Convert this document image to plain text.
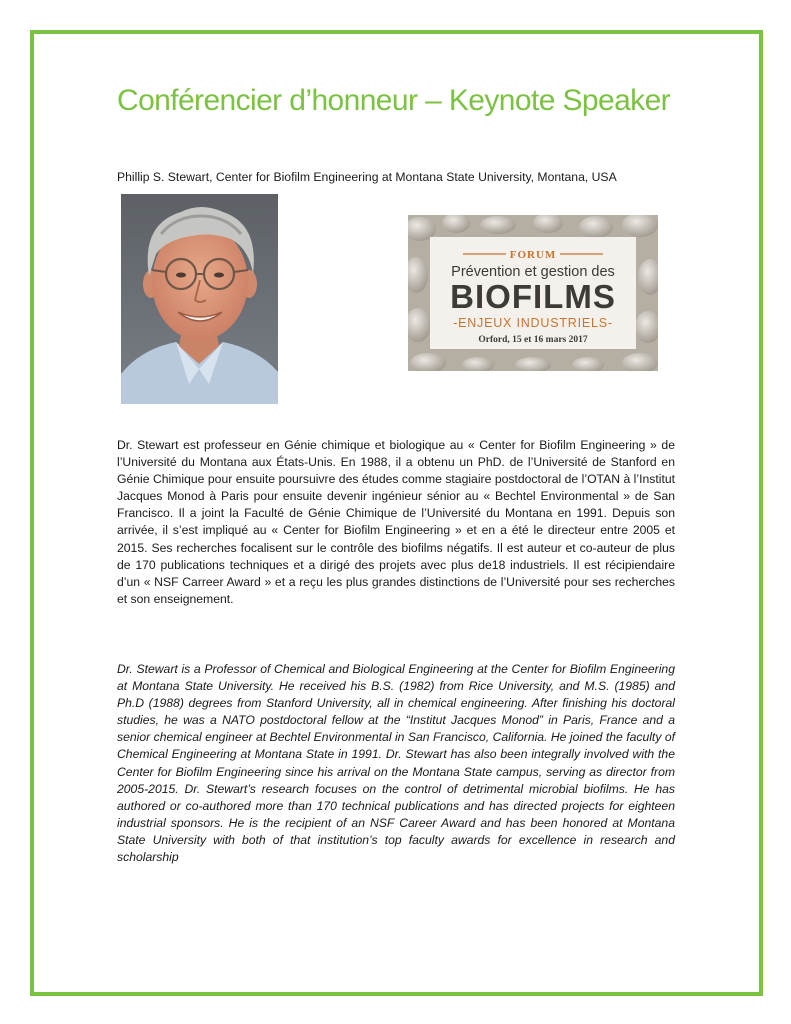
Conférencier d’honneur – Keynote Speaker
Phillip S. Stewart, Center for Biofilm Engineering at Montana State University, Montana, USA
FORUM
Prévention et gestion des
BIOFILMS
-ENJEUX INDUSTRIELS-
Orford, 15 et 16 mars 2017

Dr. Stewart est professeur en Génie chimique et biologique au « Center for Biofilm Engineering » de l’Université du Montana aux États-Unis. En 1988, il a obtenu un PhD. de l’Université de Stanford en Génie Chimique pour ensuite poursuivre des études comme stagiaire postdoctoral de l’OTAN à l’Institut Jacques Monod à Paris pour ensuite devenir ingénieur sénior au « Bechtel Environmental » de San Francisco. Il a joint la Faculté de Génie Chimique de l’Université du Montana en 1991. Depuis son arrivée, il s’est impliqué au « Center for Biofilm Engineering » et en a été le directeur entre 2005 et 2015. Ses recherches focalisent sur le contrôle des biofilms négatifs. Il est auteur et co-auteur de plus de 170 publications techniques et a dirigé des projets avec plus de18 industriels. Il est récipiendaire d’un « NSF Carreer Award » et a reçu les plus grandes distinctions de l’Université pour ses recherches et son enseignement.

Dr. Stewart is a Professor of Chemical and Biological Engineering at the Center for Biofilm Engineering at Montana State University. He received his B.S. (1982) from Rice University, and M.S. (1985) and Ph.D (1988) degrees from Stanford University, all in chemical engineering. After finishing his doctoral studies, he was a NATO postdoctoral fellow at the “Institut Jacques Monod” in Paris, France and a senior chemical engineer at Bechtel Environmental in San Francisco, California. He joined the faculty of Chemical Engineering at Montana State in 1991. Dr. Stewart has also been integrally involved with the Center for Biofilm Engineering since his arrival on the Montana State campus, serving as director from 2005-2015. Dr. Stewart’s research focuses on the control of detrimental microbial biofilms. He has authored or co-authored more than 170 technical publications and has directed projects for eighteen industrial sponsors. He is the recipient of an NSF Career Award and has been honored at Montana State University with both of that institution’s top faculty awards for excellence in research and scholarship
